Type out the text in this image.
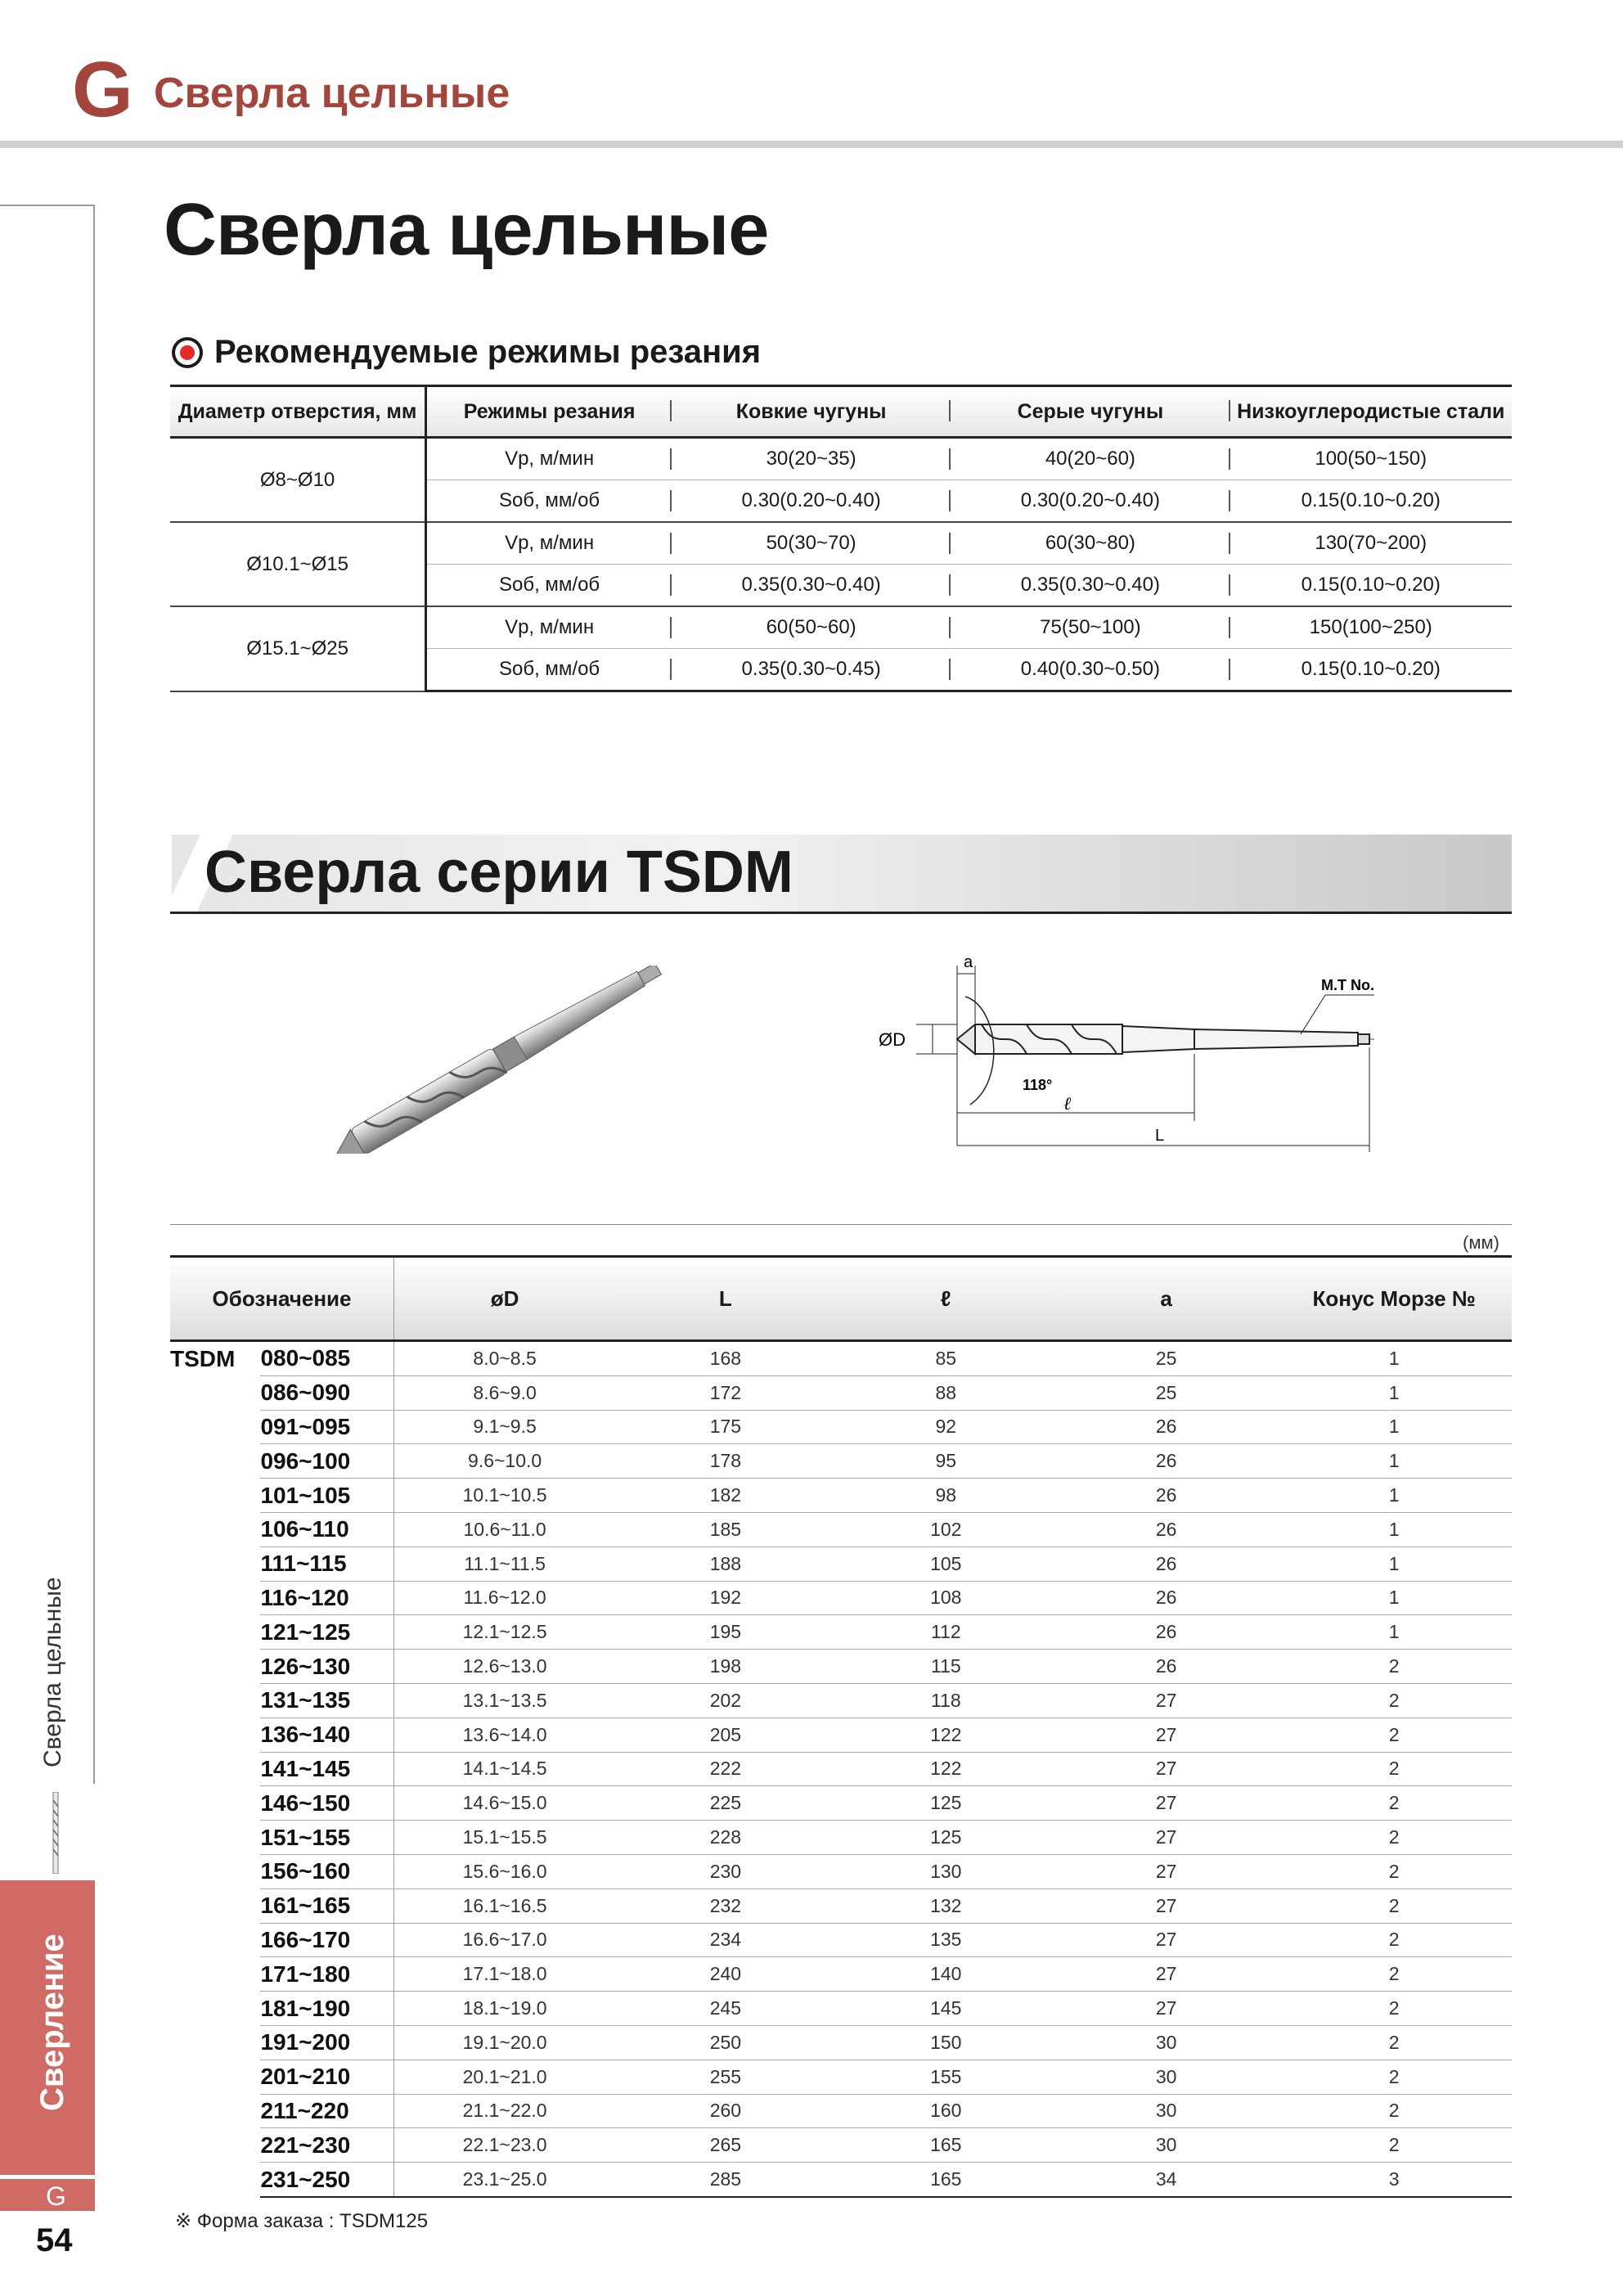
G Сверла цельные
Сверла цельные
Сверление
G
54
Сверла цельные
Рекомендуемые режимы резания
Диаметр отверстия, мм	Режимы резания	Ковкие чугуны	Серые чугуны	Низкоуглеродистые стали
Ø8~Ø10	Vр, м/мин	30(20~35)	40(20~60)	100(50~150)
	Sоб, мм/об	0.30(0.20~0.40)	0.30(0.20~0.40)	0.15(0.10~0.20)
Ø10.1~Ø15	Vр, м/мин	50(30~70)	60(30~80)	130(70~200)
	Sоб, мм/об	0.35(0.30~0.40)	0.35(0.30~0.40)	0.15(0.10~0.20)
Ø15.1~Ø25	Vр, м/мин	60(50~60)	75(50~100)	150(100~250)
	Sоб, мм/об	0.35(0.30~0.45)	0.40(0.30~0.50)	0.15(0.10~0.20)
Сверла серии TSDM
a
118°
ØD
ℓ
L
M.T No.
(мм)
Обозначение		øD	L	ℓ	a	Конус Морзе №
TSDM	080~085	8.0~8.5	168	85	25	1
	086~090	8.6~9.0	172	88	25	1
	091~095	9.1~9.5	175	92	26	1
	096~100	9.6~10.0	178	95	26	1
	101~105	10.1~10.5	182	98	26	1
	106~110	10.6~11.0	185	102	26	1
	111~115	11.1~11.5	188	105	26	1
	116~120	11.6~12.0	192	108	26	1
	121~125	12.1~12.5	195	112	26	1
	126~130	12.6~13.0	198	115	26	2
	131~135	13.1~13.5	202	118	27	2
	136~140	13.6~14.0	205	122	27	2
	141~145	14.1~14.5	222	122	27	2
	146~150	14.6~15.0	225	125	27	2
	151~155	15.1~15.5	228	125	27	2
	156~160	15.6~16.0	230	130	27	2
	161~165	16.1~16.5	232	132	27	2
	166~170	16.6~17.0	234	135	27	2
	171~180	17.1~18.0	240	140	27	2
	181~190	18.1~19.0	245	145	27	2
	191~200	19.1~20.0	250	150	30	2
	201~210	20.1~21.0	255	155	30	2
	211~220	21.1~22.0	260	160	30	2
	221~230	22.1~23.0	265	165	30	2
	231~250	23.1~25.0	285	165	34	3
※ Форма заказа : TSDM125
